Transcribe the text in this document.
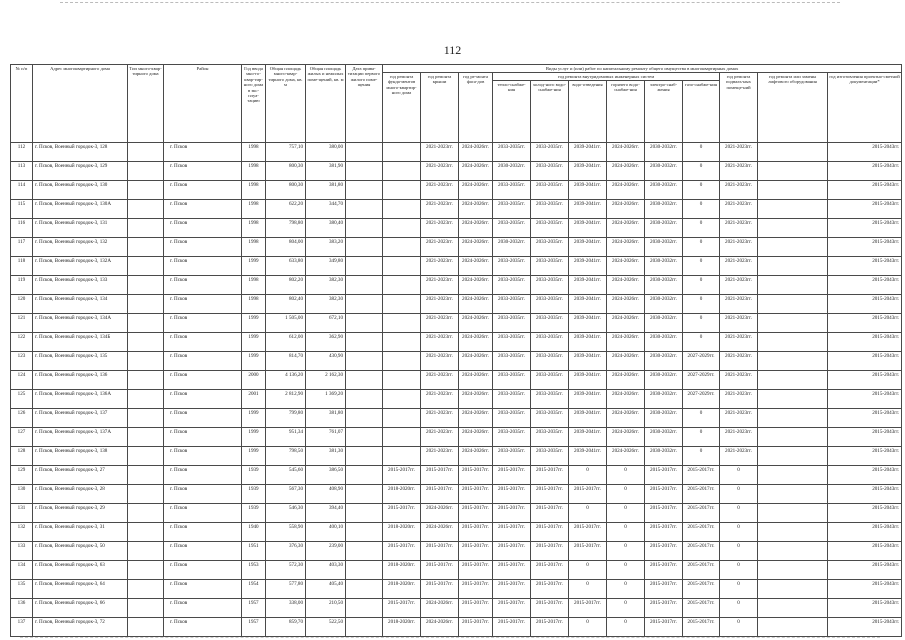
112
№ п/п	Адрес многоквартирного дома	Тип много-квар-тирного дома	Район	Год ввода мно-го-квар-тир-ного дома в экс-плуа-тацию	Общая площадь много-квар-тирного дома, кв. м	Общая площадь жилых и нежилых поме-щений, кв. м	Дата прива-тизации первого жилого поме-щения	Виды услуг и (или) работ по капитальному ремонту общего имущества в многоквартирных домах											
								год ремонта фунда-ментов много-квартир-ного дома	год ремонта крыши	год ре-монта фаса-дов	год ремонта внутридомовых инженерных систем						год ремонта подваль-ных помеще-ний	год ремонта или замены лифтового оборудования	год изготовления проектно-сметной документации*
											тепло-снабже-ния	холод-ного водо-снабже-ния	водо-отведения	горячего водо-снабже-ния	электро-снаб-жения	газо-снабже-ния			
112	г. Псков, Военный городок-3, 128		г. Псков	1998	757,10	380,00			2021-2023гг.	2024-2026гг.	2033-2035гг.	2033-2035гг.	2039-2041гг.	2024-2026гг.	2030-2032гг.	0	2021-2023гг.		2015-2043гг.
113	г. Псков, Военный городок-3, 129		г. Псков	1998	800,30	381,90			2021-2023гг.	2024-2026гг.	2030-2032гг.	2033-2035гг.	2039-2041гг.	2024-2026гг.	2030-2032гг.	0	2021-2023гг.		2015-2043гг.
114	г. Псков, Военный городок-3, 130		г. Псков	1998	800,30	381,80			2021-2023гг.	2024-2026гг.	2033-2035гг.	2033-2035гг.	2039-2041гг.	2024-2026гг.	2030-2032гг.	0	2021-2023гг.		2015-2043гг.
115	г. Псков, Военный городок-3, 130А		г. Псков	1998	622,20	344,70			2021-2023гг.	2024-2026гг.	2033-2035гг.	2033-2035гг.	2039-2041гг.	2024-2026гг.	2030-2032гг.	0	2021-2023гг.		2015-2043гг.
116	г. Псков, Военный городок-3, 131		г. Псков	1998	798,80	380,40			2021-2023гг.	2024-2026гг.	2033-2035гг.	2033-2035гг.	2039-2041гг.	2024-2026гг.	2030-2032гг.	0	2021-2023гг.		2015-2043гг.
117	г. Псков, Военный городок-3, 132		г. Псков	1998	804,00	383,20			2021-2023гг.	2024-2026гг.	2030-2032гг.	2033-2035гг.	2039-2041гг.	2024-2026гг.	2030-2032гг.	0	2021-2023гг.		2015-2043гг.
118	г. Псков, Военный городок-3, 132А		г. Псков	1999	633,80	349,80			2021-2023гг.	2024-2026гг.	2033-2035гг.	2033-2035гг.	2039-2041гг.	2024-2026гг.	2030-2032гг.	0	2021-2023гг.		2015-2043гг.
119	г. Псков, Военный городок-3, 133		г. Псков	1998	802,20	382,30			2021-2023гг.	2024-2026гг.	2033-2035гг.	2033-2035гг.	2039-2041гг.	2024-2026гг.	2030-2032гг.	0	2021-2023гг.		2015-2043гг.
120	г. Псков, Военный городок-3, 134		г. Псков	1998	802,40	382,30			2021-2023гг.	2024-2026гг.	2033-2035гг.	2033-2035гг.	2039-2041гг.	2024-2026гг.	2030-2032гг.	0	2021-2023гг.		2015-2043гг.
121	г. Псков, Военный городок-3, 134А		г. Псков	1999	1 505,00	672,10			2021-2023гг.	2024-2026гг.	2033-2035гг.	2033-2035гг.	2039-2041гг.	2024-2026гг.	2030-2032гг.	0	2021-2023гг.		2015-2043гг.
122	г. Псков, Военный городок-3, 134Б		г. Псков	1999	612,00	362,90			2021-2023гг.	2024-2026гг.	2033-2035гг.	2033-2035гг.	2039-2041гг.	2024-2026гг.	2030-2032гг.	0	2021-2023гг.		2015-2043гг.
123	г. Псков, Военный городок-3, 135		г. Псков	1999	814,70	430,90			2021-2023гг.	2024-2026гг.	2033-2035гг.	2033-2035гг.	2039-2041гг.	2024-2026гг.	2030-2032гг.	2027-2029гг.	2021-2023гг.		2015-2043гг.
124	г. Псков, Военный городок-3, 136		г. Псков	2000	4 136,20	2 162,30			2021-2023гг.	2024-2026гг.	2033-2035гг.	2033-2035гг.	2039-2041гг.	2024-2026гг.	2030-2032гг.	2027-2029гг.	2021-2023гг.		2015-2043гг.
125	г. Псков, Военный городок-3, 136А		г. Псков	2001	2 812,90	1 369,20			2021-2023гг.	2024-2026гг.	2033-2035гг.	2033-2035гг.	2039-2041гг.	2024-2026гг.	2030-2032гг.	2027-2029гг.	2021-2023гг.		2015-2043гг.
126	г. Псков, Военный городок-3, 137		г. Псков	1999	799,80	381,80			2021-2023гг.	2024-2026гг.	2033-2035гг.	2033-2035гг.	2039-2041гг.	2024-2026гг.	2030-2032гг.	0	2021-2023гг.		2015-2043гг.
127	г. Псков, Военный городок-3, 137А		г. Псков	1999	951,34	761,07			2021-2023гг.	2024-2026гг.	2033-2035гг.	2033-2035гг.	2039-2041гг.	2024-2026гг.	2030-2032гг.	0	2021-2023гг.		2015-2043гг.
128	г. Псков, Военный городок-3, 138		г. Псков	1999	798,50	381,30			2021-2023гг.	2024-2026гг.	2033-2035гг.	2033-2035гг.	2039-2041гг.	2024-2026гг.	2030-2032гг.	0	2021-2023гг.		2015-2043гг.
129	г. Псков, Военный городок-3, 27		г. Псков	1939	545,60	386,50		2015-2017гг.	2015-2017гг.	2015-2017гг.	2015-2017гг.	2015-2017гг.	0	0	2015-2017гг.	2015-2017гг.	0		2015-2043гг.
130	г. Псков, Военный городок-3, 28		г. Псков	1939	567,30	408,90		2018-2020гг.	2015-2017гг.	2015-2017гг.	2015-2017гг.	2015-2017гг.	2015-2017гг.	0	2015-2017гг.	2015-2017гг.	0		2015-2043гг.
131	г. Псков, Военный городок-3, 29		г. Псков	1939	546,30	394,40		2015-2017гг.	2024-2026гг.	2015-2017гг.	2015-2017гг.	2015-2017гг.	0	0	2015-2017гг.	2015-2017гг.	0		2015-2043гг.
132	г. Псков, Военный городок-3, 31		г. Псков	1940	558,90	400,10		2018-2020гг.	2024-2026гг.	2015-2017гг.	2015-2017гг.	2015-2017гг.	2015-2017гг.	0	2015-2017гг.	2015-2017гг.	0		2015-2043гг.
133	г. Псков, Военный городок-3, 50		г. Псков	1951	376,30	239,00		2015-2017гг.	2015-2017гг.	2015-2017гг.	2015-2017гг.	2015-2017гг.	2015-2017гг.	0	2015-2017гг.	2015-2017гг.	0		2015-2043гг.
134	г. Псков, Военный городок-3, 63		г. Псков	1953	572,30	403,30		2018-2020гг.	2015-2017гг.	2015-2017гг.	2015-2017гг.	2015-2017гг.	0	0	2015-2017гг.	2015-2017гг.	0		2015-2043гг.
135	г. Псков, Военный городок-3, 64		г. Псков	1954	577,80	405,40		2018-2020гг.	2015-2017гг.	2015-2017гг.	2015-2017гг.	2015-2017гг.	0	0	2015-2017гг.	2015-2017гг.	0		2015-2043гг.
136	г. Псков, Военный городок-3, 66		г. Псков	1957	338,00	210,50		2015-2017гг.	2024-2026гг.	2015-2017гг.	2015-2017гг.	2015-2017гг.	2015-2017гг.	0	2015-2017гг.	2015-2017гг.	0		2015-2043гг.
137	г. Псков, Военный городок-3, 72		г. Псков	1957	859,70	522,50		2018-2020гг.	2024-2026гг.	2015-2017гг.	2015-2017гг.	2015-2017гг.	0	0	2015-2017гг.	2015-2017гг.	0		2015-2043гг.
